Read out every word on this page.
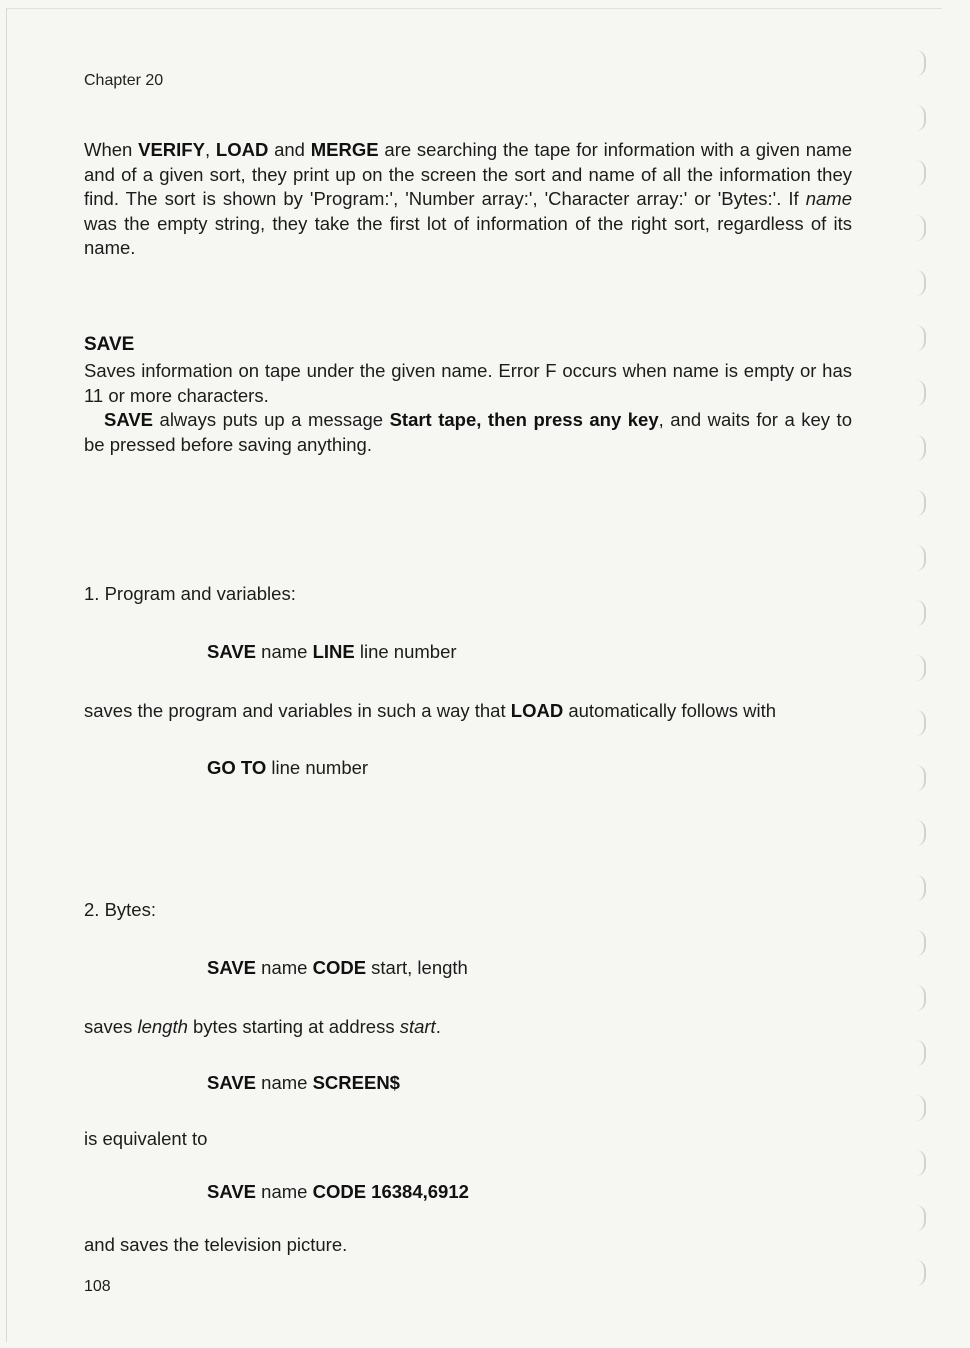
Chapter 20

When VERIFY, LOAD and MERGE are searching the tape for information with a given name and of a given sort, they print up on the screen the sort and name of all the information they find. The sort is shown by 'Program:', 'Number array:', 'Character array:' or 'Bytes:'. If name was the empty string, they take the first lot of information of the right sort, regardless of its name.

SAVE

Saves information on tape under the given name. Error F occurs when name is empty or has 11 or more characters.

SAVE always puts up a message Start tape, then press any key, and waits for a key to be pressed before saving anything.

1. Program and variables:
SAVE name LINE line number
saves the program and variables in such a way that LOAD automatically follows with
GO TO line number
2. Bytes:
SAVE name CODE start, length
saves length bytes starting at address start.
SAVE name SCREEN$
is equivalent to
SAVE name CODE 16384,6912
and saves the television picture.
108
